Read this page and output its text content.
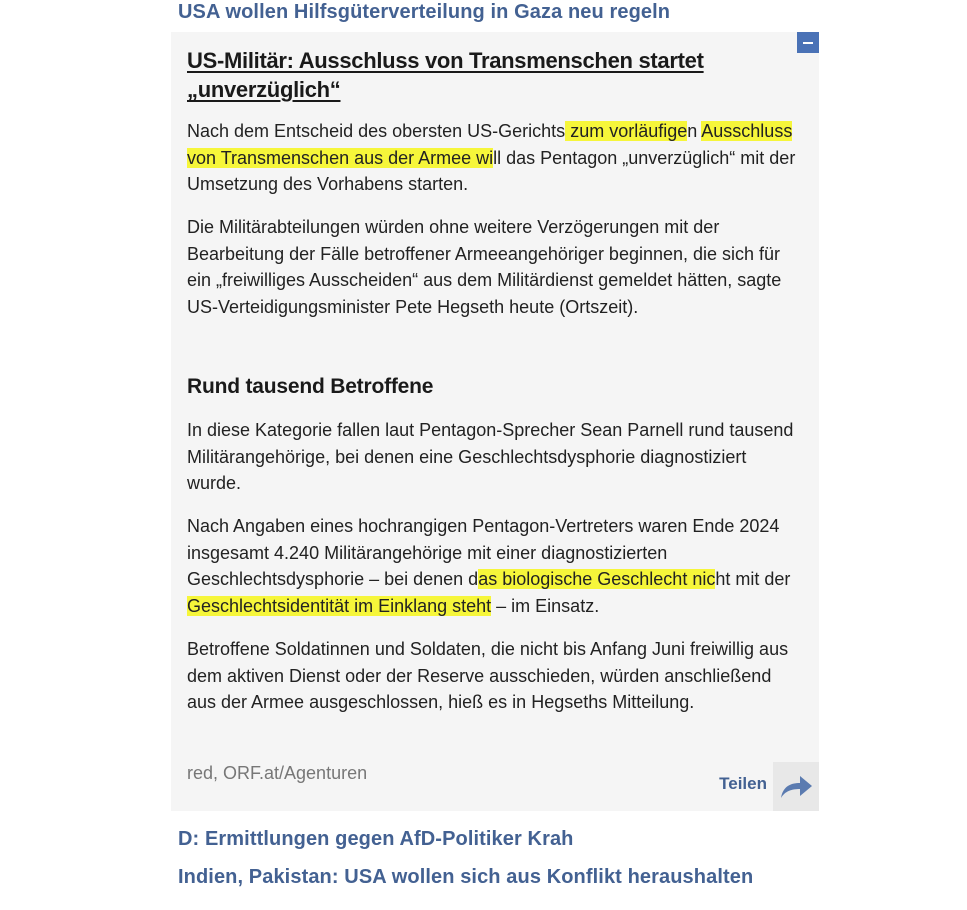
USA wollen Hilfsgüterverteilung in Gaza neu regeln
US-Militär: Ausschluss von Transmenschen startet „unverzüglich“

Nach dem Entscheid des obersten US-Gerichts zum vorläufigen Ausschluss von Transmenschen aus der Armee will das Pentagon „unverzüglich“ mit der Umsetzung des Vorhabens starten.

Die Militärabteilungen würden ohne weitere Verzögerungen mit der Bearbeitung der Fälle betroffener Armeeangehöriger beginnen, die sich für ein „freiwilliges Ausscheiden“ aus dem Militärdienst gemeldet hätten, sagte US-Verteidigungsminister Pete Hegseth heute (Ortszeit).

Rund tausend Betroffene

In diese Kategorie fallen laut Pentagon-Sprecher Sean Parnell rund tausend Militärangehörige, bei denen eine Geschlechtsdysphorie diagnostiziert wurde.

Nach Angaben eines hochrangigen Pentagon-Vertreters waren Ende 2024 insgesamt 4.240 Militärangehörige mit einer diagnostizierten Geschlechtsdysphorie – bei denen das biologische Geschlecht nicht mit der Geschlechtsidentität im Einklang steht – im Einsatz.

Betroffene Soldatinnen und Soldaten, die nicht bis Anfang Juni freiwillig aus dem aktiven Dienst oder der Reserve ausschieden, würden anschließend aus der Armee ausgeschlossen, hieß es in Hegseths Mitteilung.

red, ORF.at/Agenturen
Teilen
D: Ermittlungen gegen AfD-Politiker Krah
Indien, Pakistan: USA wollen sich aus Konflikt heraushalten
